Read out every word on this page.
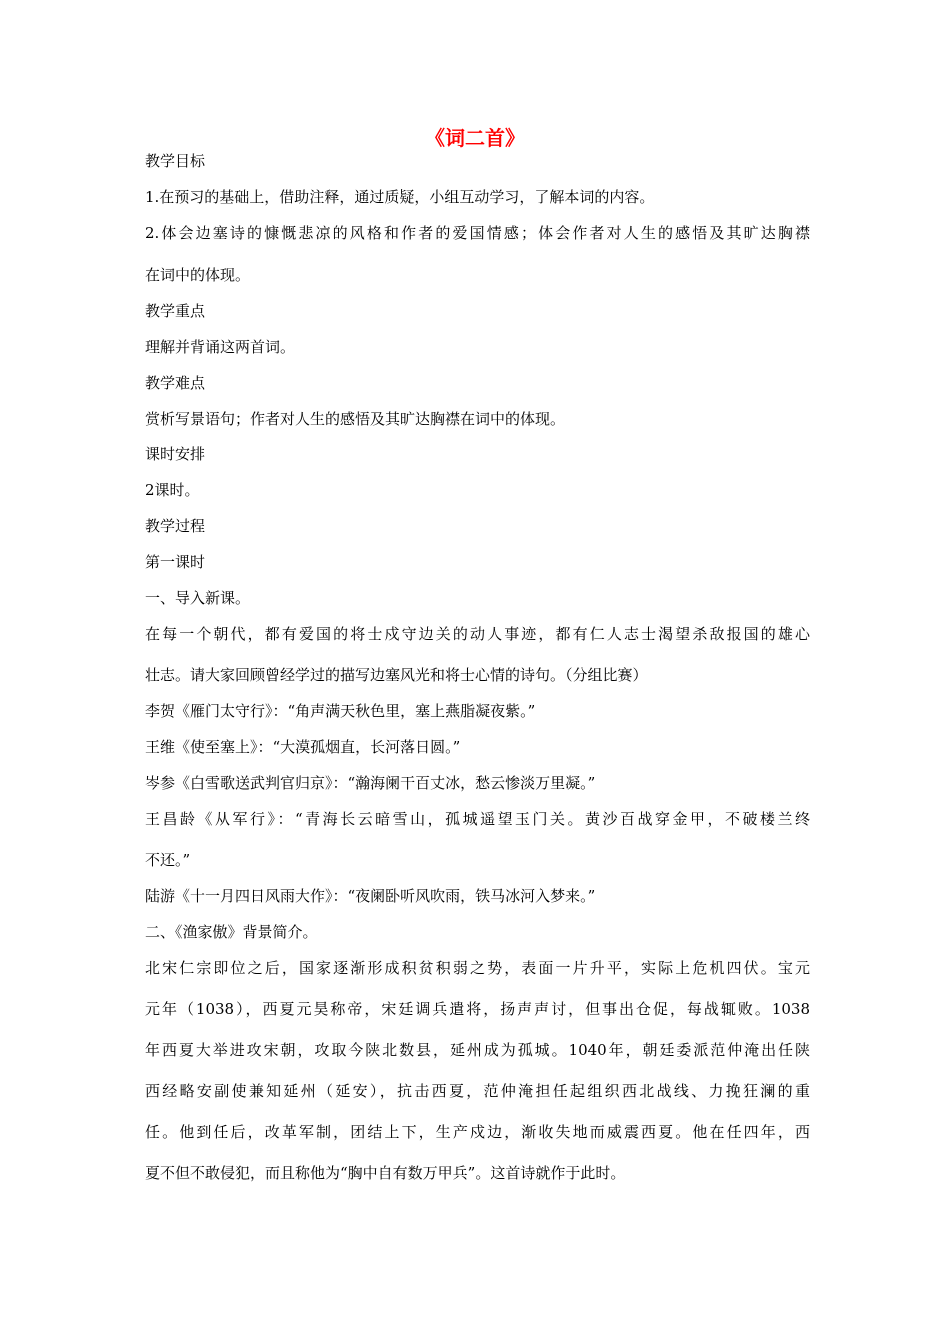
《词二首》

教学目标

1.在预习的基础上，借助注释，通过质疑，小组互动学习，了解本词的内容。

2.体会边塞诗的慷慨悲凉的风格和作者的爱国情感；体会作者对人生的感悟及其旷达胸襟

在词中的体现。

教学重点

理解并背诵这两首词。

教学难点

赏析写景语句；作者对人生的感悟及其旷达胸襟在词中的体现。

课时安排

2课时。

教学过程

第一课时

一、导入新课。

在每一个朝代，都有爱国的将士戍守边关的动人事迹，都有仁人志士渴望杀敌报国的雄心

壮志。请大家回顾曾经学过的描写边塞风光和将士心情的诗句。（分组比赛）

李贺《雁门太守行》：“角声满天秋色里，塞上燕脂凝夜紫。”

王维《使至塞上》：“大漠孤烟直，长河落日圆。”

岑参《白雪歌送武判官归京》：“瀚海阑干百丈冰，愁云惨淡万里凝。”

王昌龄《从军行》：“青海长云暗雪山，孤城遥望玉门关。黄沙百战穿金甲，不破楼兰终

不还。”

陆游《十一月四日风雨大作》：“夜阑卧听风吹雨，铁马冰河入梦来。”

二、《渔家傲》背景简介。

北宋仁宗即位之后，国家逐渐形成积贫积弱之势，表面一片升平，实际上危机四伏。宝元

元年（1038），西夏元昊称帝，宋廷调兵遣将，扬声声讨，但事出仓促，每战辄败。1038

年西夏大举进攻宋朝，攻取今陕北数县，延州成为孤城。1040年，朝廷委派范仲淹出任陕

西经略安副使兼知延州（延安），抗击西夏，范仲淹担任起组织西北战线、力挽狂澜的重

任。他到任后，改革军制，团结上下，生产戍边，渐收失地而威震西夏。他在任四年，西

夏不但不敢侵犯，而且称他为“胸中自有数万甲兵”。这首诗就作于此时。
